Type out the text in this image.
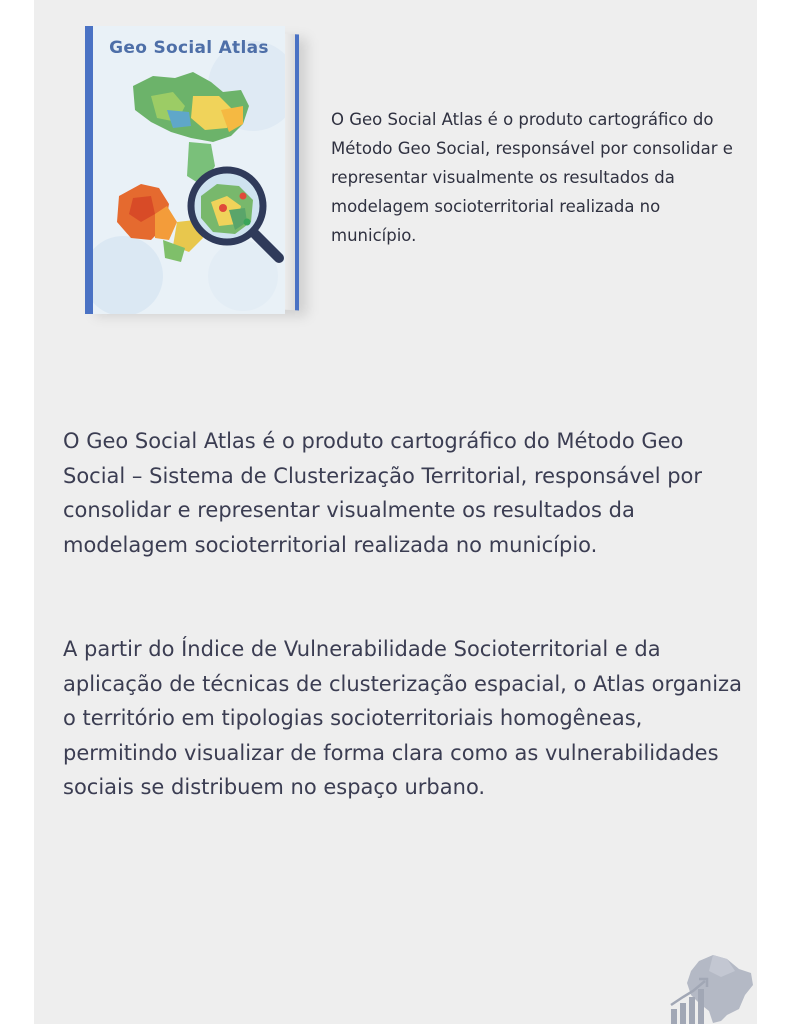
Geo Social Atlas

O Geo Social Atlas é o produto cartográfico do Método Geo Social, responsável por consolidar e representar visualmente os resultados da modelagem socioterritorial realizada no município.

O Geo Social Atlas é o produto cartográfico do Método Geo Social – Sistema de Clusterização Territorial, responsável por consolidar e representar visualmente os resultados da modelagem socioterritorial realizada no município.

A partir do Índice de Vulnerabilidade Socioterritorial e da aplicação de técnicas de clusterização espacial, o Atlas organiza o território em tipologias socioterritoriais homogêneas, permitindo visualizar de forma clara como as vulnerabilidades sociais se distribuem no espaço urbano.
